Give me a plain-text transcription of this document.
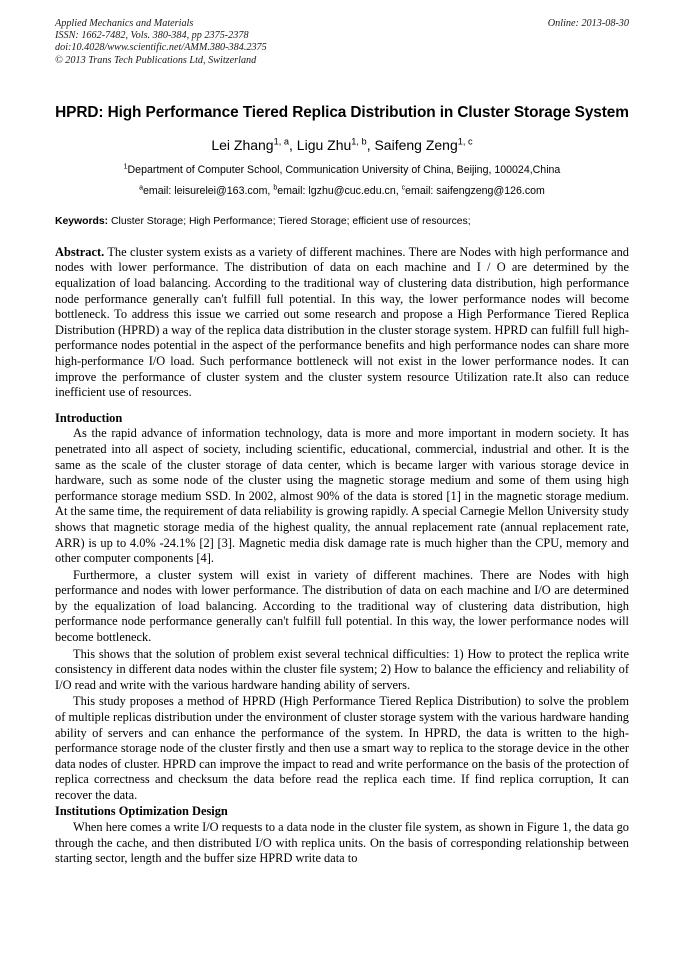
Applied Mechanics and Materials
ISSN: 1662-7482, Vols. 380-384, pp 2375-2378
doi:10.4028/www.scientific.net/AMM.380-384.2375
© 2013 Trans Tech Publications Ltd, Switzerland
Online: 2013-08-30
HPRD: High Performance Tiered Replica Distribution in Cluster Storage System
Lei Zhang$^{1, a}$, Ligu Zhu$^{1, b}$, Saifeng Zeng$^{1, c}$
$^1$Department of Computer School, Communication University of China, Beijing, 100024,China
$^a$email: leisurelei@163.com, $^b$email: lgzhu@cuc.edu.cn, $^c$email: saifengzeng@126.com
Keywords: Cluster Storage; High Performance; Tiered Storage; efficient use of resources;
Abstract. The cluster system exists as a variety of different machines. There are Nodes with high performance and nodes with lower performance. The distribution of data on each machine and I / O are determined by the equalization of load balancing. According to the traditional way of clustering data distribution, high performance node performance generally can't fulfill full potential. In this way, the lower performance nodes will become bottleneck. To address this issue we carried out some research and propose a High Performance Tiered Replica Distribution (HPRD) a way of the replica data distribution in the cluster storage system. HPRD can fulfill full high-performance nodes potential in the aspect of the performance benefits and high performance nodes can share more high-performance I/O load. Such performance bottleneck will not exist in the lower performance nodes. It can improve the performance of cluster system and the cluster system resource Utilization rate.It also can reduce inefficient use of resources.
Introduction
As the rapid advance of information technology, data is more and more important in modern society. It has penetrated into all aspect of society, including scientific, educational, commercial, industrial and other. It is the same as the scale of the cluster storage of data center, which is became larger with various storage device in hardware, such as some node of the cluster using the magnetic storage medium and some of them using high performance storage medium SSD. In 2002, almost 90% of the data is stored [1] in the magnetic storage medium. At the same time, the requirement of data reliability is growing rapidly. A special Carnegie Mellon University study shows that magnetic storage media of the highest quality, the annual replacement rate (annual replacement rate, ARR) is up to 4.0% -24.1% [2] [3]. Magnetic media disk damage rate is much higher than the CPU, memory and other computer components [4].
Furthermore, a cluster system will exist in variety of different machines. There are Nodes with high performance and nodes with lower performance. The distribution of data on each machine and I/O are determined by the equalization of load balancing. According to the traditional way of clustering data distribution, high performance node performance generally can't fulfill full potential. In this way, the lower performance nodes will become bottleneck.
This shows that the solution of problem exist several technical difficulties: 1) How to protect the replica write consistency in different data nodes within the cluster file system; 2) How to balance the efficiency and reliability of I/O read and write with the various hardware handing ability of servers.
This study proposes a method of HPRD (High Performance Tiered Replica Distribution) to solve the problem of multiple replicas distribution under the environment of cluster storage system with the various hardware handing ability of servers and can enhance the performance of the system. In HPRD, the data is written to the high-performance storage node of the cluster firstly and then use a smart way to replica to the storage device in the other data nodes of cluster. HPRD can improve the impact to read and write performance on the basis of the protection of replica correctness and checksum the data before read the replica each time. If find replica corruption, It can recover the data.
Institutions Optimization Design
When here comes a write I/O requests to a data node in the cluster file system, as shown in Figure 1, the data go through the cache, and then distributed I/O with replica units. On the basis of corresponding relationship between starting sector, length and the buffer size HPRD write data to
